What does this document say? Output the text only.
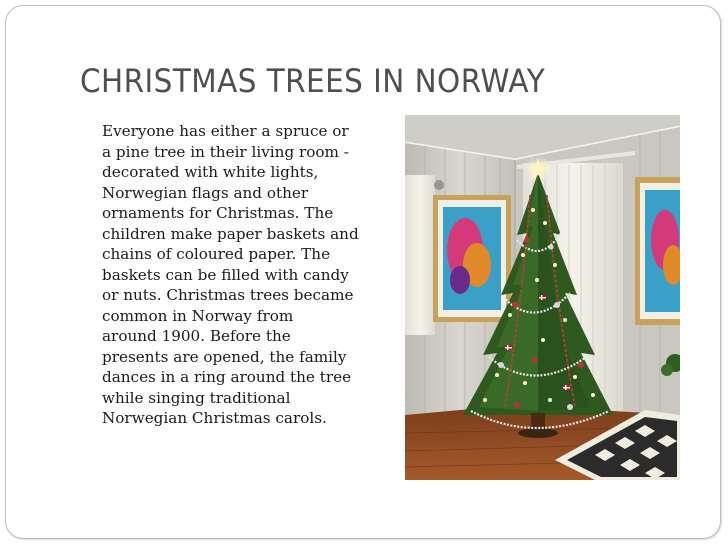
CHRISTMAS TREES IN NORWAY
Everyone has either a spruce or
a pine tree in their living room -
decorated with white lights,
Norwegian flags and other
ornaments for Christmas. The
children make paper baskets and
chains of coloured paper. The
baskets can be filled with candy
or nuts. Christmas trees became
common in Norway from
around 1900. Before the
presents are opened, the family
dances in a ring around the tree
while singing traditional
Norwegian Christmas carols.
